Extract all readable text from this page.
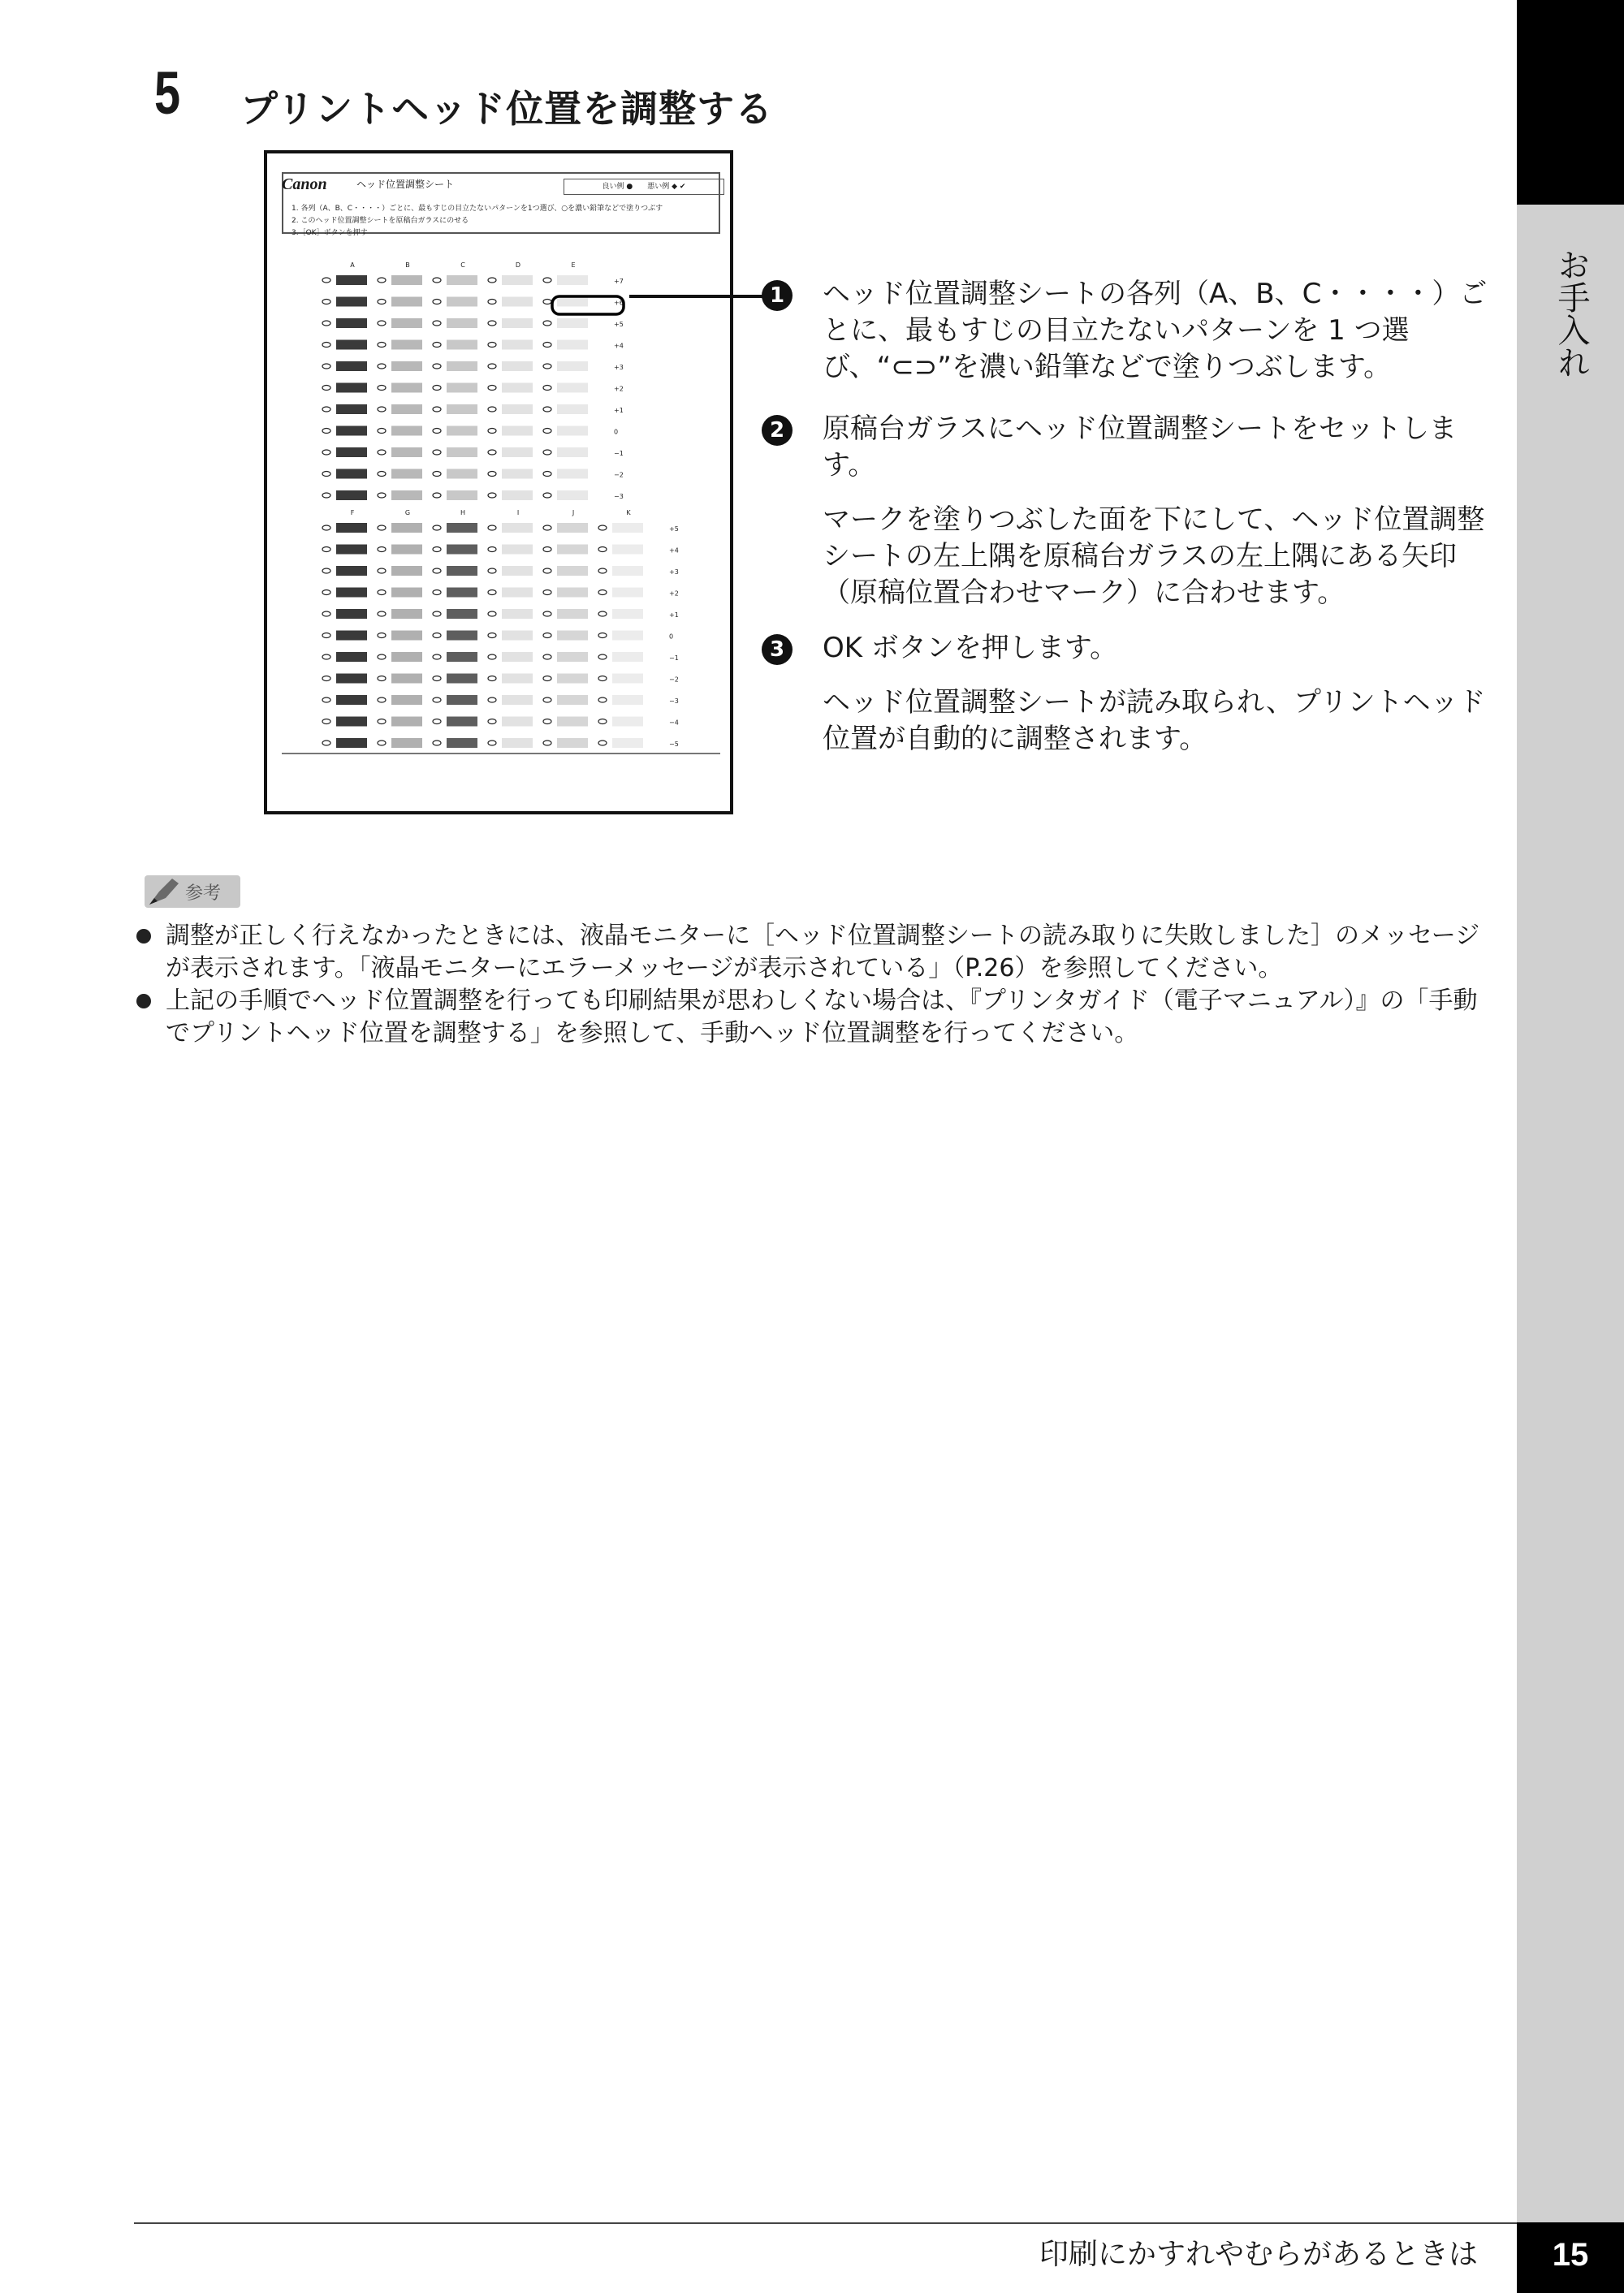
お手入れ
5 プリントヘッド位置を調整する
Canon	ヘッド位置調整シート	良い例 ●　　悪い例 ◆ ✔
1. 各列（A、B、C・・・・）ごとに、最もすじの目立たないパターンを1つ選び、○を濃い鉛筆などで塗りつぶす
2. このヘッド位置調整シートを原稿台ガラスにのせる
3.［OK］ボタンを押す
A	B	C	D	E
+7
+6
+5
+4
+3
+2
+1
0
−1
−2
−3
F	G	H	I	J	K
+5
+4
+3
+2
+1
0
−1
−2
−3
−4
−5
1 ヘッド位置調整シートの各列（A、B、C・・・・）ごとに、最もすじの目立たないパターンを 1 つ選び、“⊂⊃”を濃い鉛筆などで塗りつぶします。
2 原稿台ガラスにヘッド位置調整シートをセットします。
マークを塗りつぶした面を下にして、ヘッド位置調整シートの左上隅を原稿台ガラスの左上隅にある矢印（原稿位置合わせマーク）に合わせます。
3 OK ボタンを押します。
ヘッド位置調整シートが読み取られ、プリントヘッド位置が自動的に調整されます。
参考
調整が正しく行えなかったときには、液晶モニターに［ヘッド位置調整シートの読み取りに失敗しました］のメッセージが表示されます。「液晶モニターにエラーメッセージが表示されている」（P.26）を参照してください。
上記の手順でヘッド位置調整を行っても印刷結果が思わしくない場合は、『プリンタガイド（電子マニュアル）』の「手動でプリントヘッド位置を調整する」を参照して、手動ヘッド位置調整を行ってください。
印刷にかすれやむらがあるときは	15
